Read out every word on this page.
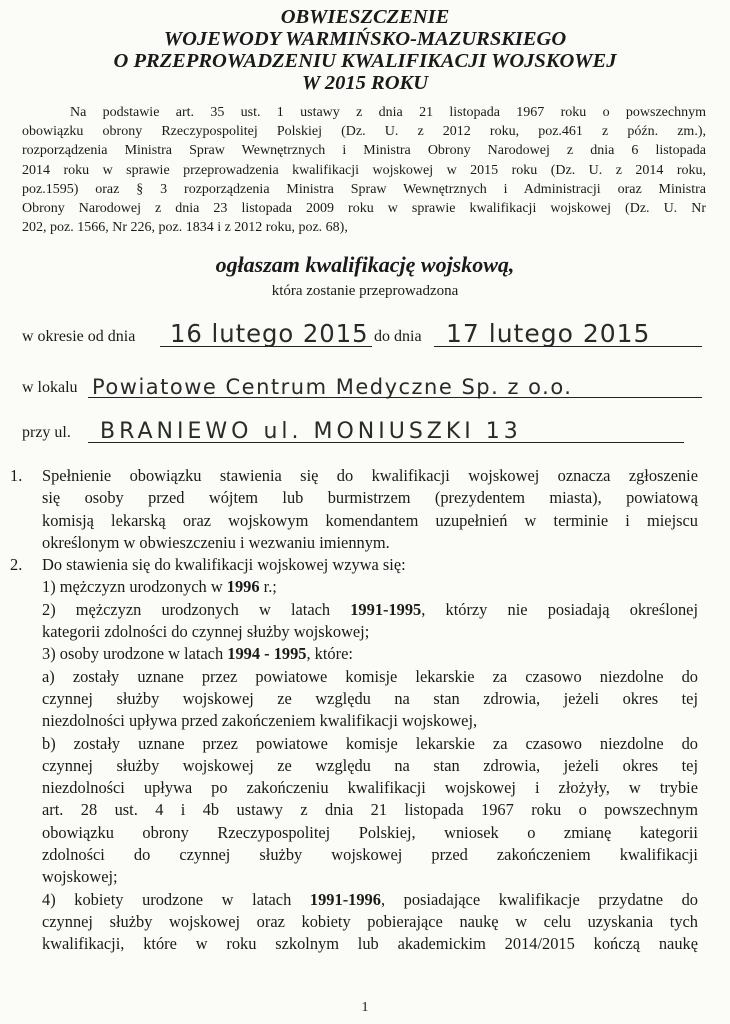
OBWIESZCZENIE
WOJEWODY WARMIŃSKO-MAZURSKIEGO
O PRZEPROWADZENIU KWALIFIKACJI WOJSKOWEJ
W 2015 ROKU

Na podstawie art. 35 ust. 1 ustawy z dnia 21 listopada 1967 roku o powszechnym
obowiązku obrony Rzeczypospolitej Polskiej (Dz. U. z 2012 roku, poz.461 z późn. zm.),
rozporządzenia Ministra Spraw Wewnętrznych i Ministra Obrony Narodowej z dnia 6 listopada
2014 roku w sprawie przeprowadzenia kwalifikacji wojskowej w 2015 roku (Dz. U. z 2014 roku,
poz.1595) oraz § 3 rozporządzenia Ministra Spraw Wewnętrznych i Administracji oraz Ministra
Obrony Narodowej z dnia 23 listopada 2009 roku w sprawie kwalifikacji wojskowej (Dz. U. Nr
202, poz. 1566, Nr 226, poz. 1834 i z 2012 roku, poz. 68),

ogłaszam kwalifikację wojskową,
która zostanie przeprowadzona
w okresie od dnia 16 lutego 2015 do dnia 17 lutego 2015
w lokalu Powiatowe Centrum Medyczne Sp. z o.o.
przy ul. BRANIEWO ul. MONIUSZKI 13
1. Spełnienie obowiązku stawienia się do kwalifikacji wojskowej oznacza zgłoszenie
się osoby przed wójtem lub burmistrzem (prezydentem miasta), powiatową
komisją lekarską oraz wojskowym komendantem uzupełnień w terminie i miejscu
określonym w obwieszczeniu i wezwaniu imiennym.
2. Do stawienia się do kwalifikacji wojskowej wzywa się:
1) mężczyzn urodzonych w 1996 r.;
2) mężczyzn urodzonych w latach 1991-1995, którzy nie posiadają określonej
kategorii zdolności do czynnej służby wojskowej;
3) osoby urodzone w latach 1994 - 1995, które:
a) zostały uznane przez powiatowe komisje lekarskie za czasowo niezdolne do
czynnej służby wojskowej ze względu na stan zdrowia, jeżeli okres tej
niezdolności upływa przed zakończeniem kwalifikacji wojskowej,
b) zostały uznane przez powiatowe komisje lekarskie za czasowo niezdolne do
czynnej służby wojskowej ze względu na stan zdrowia, jeżeli okres tej
niezdolności upływa po zakończeniu kwalifikacji wojskowej i złożyły, w trybie
art. 28 ust. 4 i 4b ustawy z dnia 21 listopada 1967 roku o powszechnym
obowiązku obrony Rzeczypospolitej Polskiej, wniosek o zmianę kategorii
zdolności do czynnej służby wojskowej przed zakończeniem kwalifikacji
wojskowej;
4) kobiety urodzone w latach 1991-1996, posiadające kwalifikacje przydatne do
czynnej służby wojskowej oraz kobiety pobierające naukę w celu uzyskania tych
kwalifikacji, które w roku szkolnym lub akademickim 2014/2015 kończą naukę
1
